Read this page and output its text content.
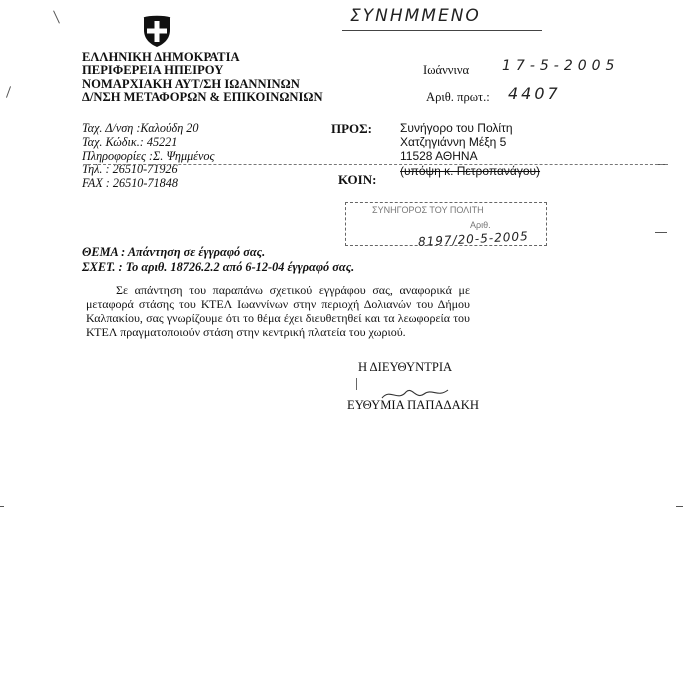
ΣΥΝΗΜΜΕΝΟ
ΕΛΛΗΝΙΚΗ ΔΗΜΟΚΡΑΤΙΑ
ΠΕΡΙΦΕΡΕΙΑ ΗΠΕΙΡΟΥ
ΝΟΜΑΡΧΙΑΚΗ ΑΥΤ/ΣΗ ΙΩΑΝΝΙΝΩΝ
Δ/ΝΣΗ ΜΕΤΑΦΟΡΩΝ & ΕΠΙΚΟΙΝΩΝΙΩΝ
Ιωάννινα 17-5-2005
Αριθ. πρωτ.: 4407
Ταχ. Δ/νση :Καλούδη 20
Ταχ. Κώδικ.: 45221
Πληροφορίες :Σ. Ψημμένος
Τηλ. : 26510-71926
FAX : 26510-71848
ΠΡΟΣ: Συνήγορο του Πολίτη
Χατζηγιάννη Μέξη 5
11528 ΑΘΗΝΑ
(υπόψη κ. Πετροπανάγου)
ΚΟΙΝ:
ΣΥΝΗΓΟΡΟΣ ΤΟΥ ΠΟΛΙΤΗ
Αριθ.
8197/20-5-2005
ΘΕΜΑ : Απάντηση σε έγγραφό σας.
ΣΧΕΤ. : Το αριθ. 18726.2.2 από 6-12-04 έγγραφό σας.
Σε απάντηση του παραπάνω σχετικού εγγράφου σας, αναφορικά με
μεταφορά στάσης του ΚΤΕΛ Ιωαννίνων στην περιοχή Δολιανών του Δήμου
Καλπακίου, σας γνωρίζουμε ότι το θέμα έχει διευθετηθεί και τα λεωφορεία του
ΚΤΕΛ πραγματοποιούν στάση στην κεντρική πλατεία του χωριού.
Η ΔΙΕΥΘΥΝΤΡΙΑ
ΕΥΘΥΜΙΑ ΠΑΠΑΔΑΚΗ
